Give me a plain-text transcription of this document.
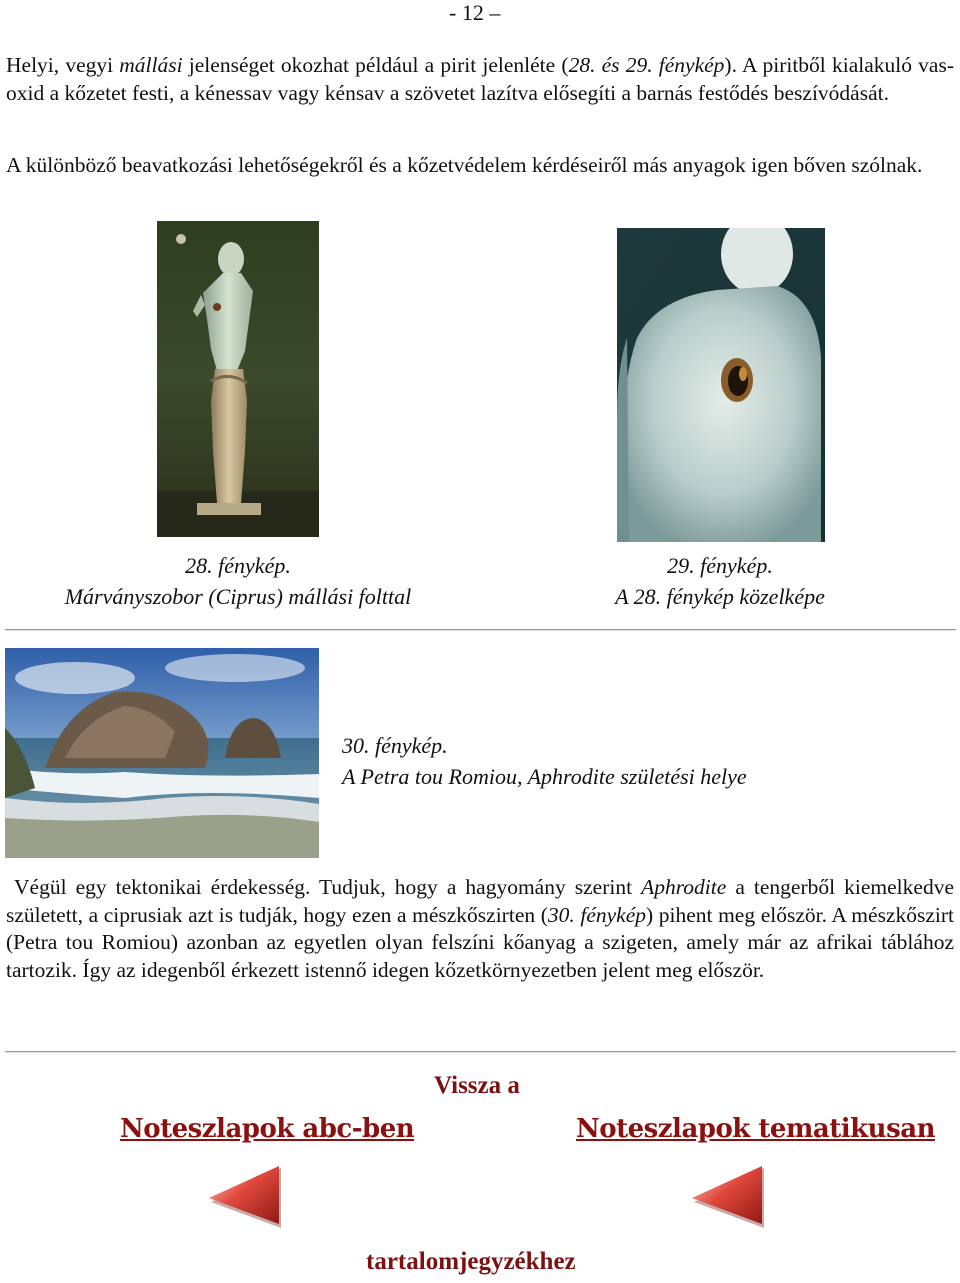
- 12 –

Helyi, vegyi mállási jelenséget okozhat például a pirit jelenléte (28. és 29. fénykép). A piritből kialakuló vas-oxid a kőzetet festi, a kénessav vagy kénsav a szövetet lazítva elősegíti a barnás festődés beszívódását.

A különböző beavatkozási lehetőségekről és a kőzetvédelem kérdéseiről más anyagok igen bőven szólnak.

28. fénykép.
Márványszobor (Ciprus) mállási folttal
29. fénykép.
A 28. fénykép közelképe
30. fénykép.
A Petra tou Romiou, Aphrodite születési helye

Végül egy tektonikai érdekesség. Tudjuk, hogy a hagyomány szerint Aphrodite a tengerből kiemelkedve született, a ciprusiak azt is tudják, hogy ezen a mészkőszirten (30. fénykép) pihent meg először. A mészkőszirt (Petra tou Romiou) azonban az egyetlen olyan felszíni kőanyag a szigeten, amely már az afrikai táblához tartozik. Így az idegenből érkezett istennő idegen kőzetkörnyezetben jelent meg először.

Vissza a
Noteszlapok abc-ben	Noteszlapok tematikusan
tartalomjegyzékhez
